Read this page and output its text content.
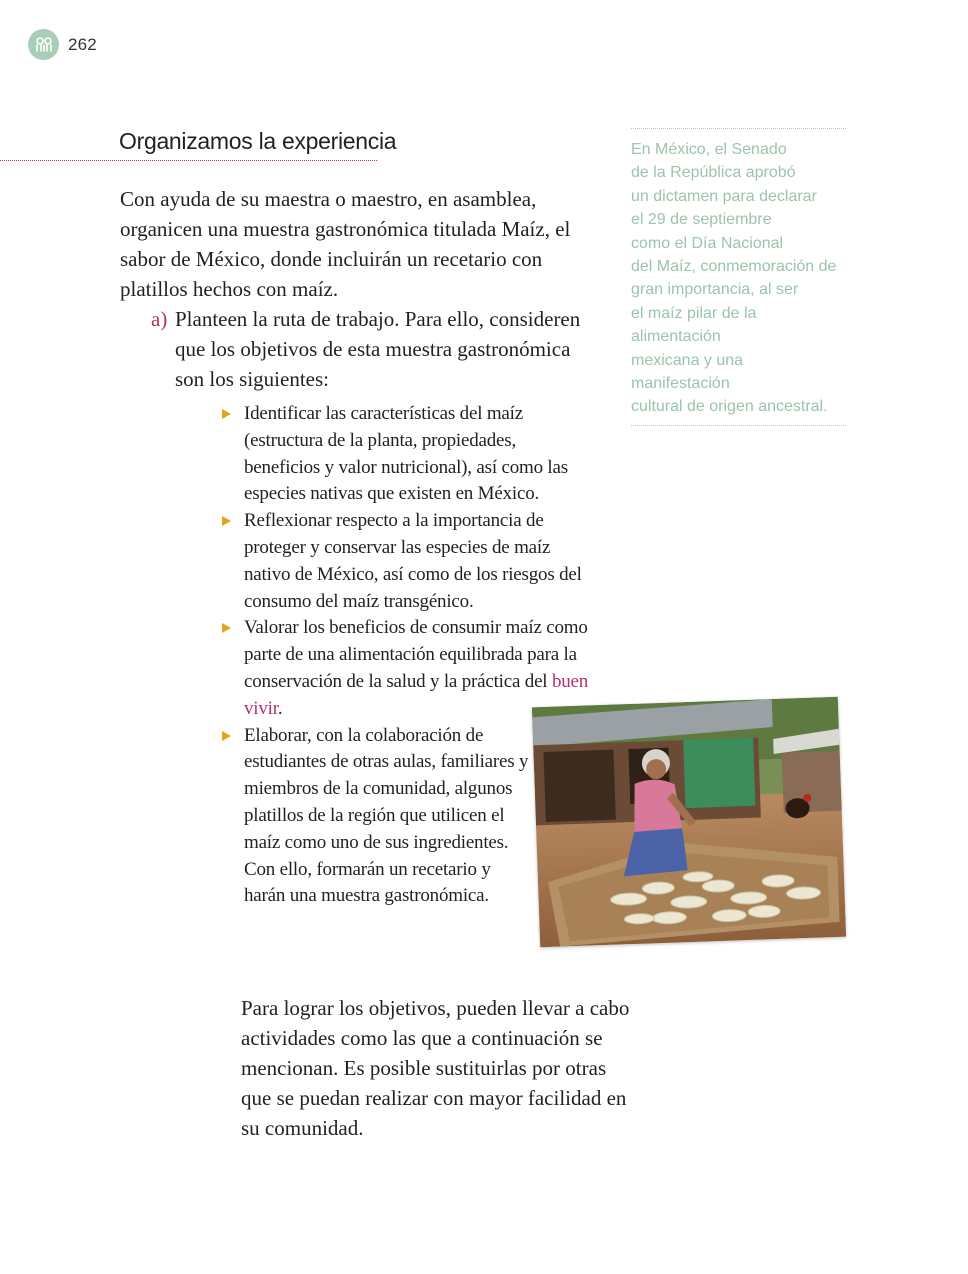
262
Organizamos la experiencia

Con ayuda de su maestra o maestro, en asamblea, organicen una muestra gastronómica titulada Maíz, el sabor de México, donde incluirán un recetario con platillos hechos con maíz.

a) Planteen la ruta de trabajo. Para ello, consideren que los objetivos de esta muestra gastronómica son los siguientes:
Identificar las características del maíz (estructura de la planta, propiedades, beneficios y valor nutricional), así como las especies nativas que existen en México.
Reflexionar respecto a la importancia de proteger y conservar las especies de maíz nativo de México, así como de los riesgos del consumo del maíz transgénico.
Valorar los beneficios de consumir maíz como parte de una alimentación equilibrada para la conservación de la salud y la práctica del buen vivir.
Elaborar, con la colaboración de estudiantes de otras aulas, familiares y miembros de la comunidad, algunos platillos de la región que utilicen el maíz como uno de sus ingredientes. Con ello, formarán un recetario y harán una muestra gastronómica.
En México, el Senado
de la República aprobó
un dictamen para declarar
el 29 de septiembre
como el Día Nacional
del Maíz, conmemoración de
gran importancia, al ser
el maíz pilar de la alimentación
mexicana y una manifestación
cultural de origen ancestral.

Para lograr los objetivos, pueden llevar a cabo actividades como las que a continuación se mencionan. Es posible sustituirlas por otras que se puedan realizar con mayor facilidad en su comunidad.
